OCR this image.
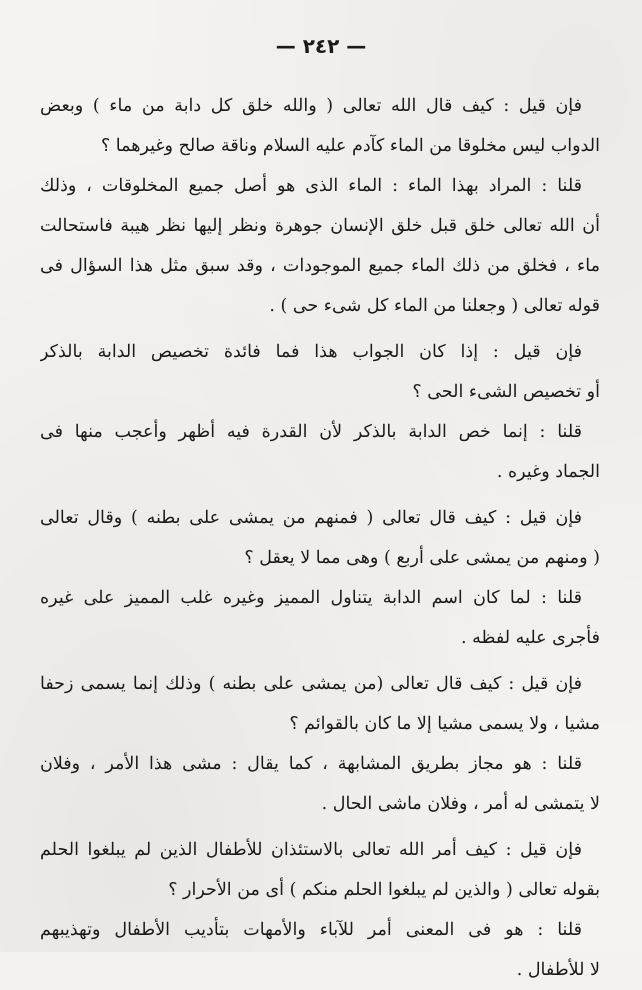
— ٢٤٢ —
فإن قيل : كيف قال الله تعالى ( والله خلق كل دابة من ماء ) وبعض
الدواب ليس مخلوقا من الماء كآدم عليه السلام وناقة صالح وغيرهما ؟
قلنا : المراد بهذا الماء : الماء الذى هو أصل جميع المخلوقات ، وذلك
أن الله تعالى خلق قبل خلق الإنسان جوهرة ونظر إليها نظر هيبة فاستحالت
ماء ، فخلق من ذلك الماء جميع الموجودات ، وقد سبق مثل هذا السؤال فى
قوله تعالى ( وجعلنا من الماء كل شىء حى ) .
فإن قيل : إذا كان الجواب هذا فما فائدة تخصيص الدابة بالذكر
أو تخصيص الشىء الحى ؟
قلنا : إنما خص الدابة بالذكر لأن القدرة فيه أظهر وأعجب منها فى
الجماد وغيره .
فإن قيل : كيف قال تعالى ( فمنهم من يمشى على بطنه ) وقال تعالى
( ومنهم من يمشى على أربع ) وهى مما لا يعقل ؟
قلنا : لما كان اسم الدابة يتناول المميز وغيره غلب المميز على غيره
فأجرى عليه لفظه .
فإن قيل : كيف قال تعالى (من يمشى على بطنه ) وذلك إنما يسمى زحفا
مشيا ، ولا يسمى مشيا إلا ما كان بالقوائم ؟
قلنا : هو مجاز بطريق المشابهة ، كما يقال : مشى هذا الأمر ، وفلان
لا يتمشى له أمر ، وفلان ماشى الحال .
فإن قيل : كيف أمر الله تعالى بالاستئذان للأطفال الذين لم يبلغوا الحلم
بقوله تعالى ( والذين لم يبلغوا الحلم منكم ) أى من الأحرار ؟
قلنا : هو فى المعنى أمر للآباء والأمهات بتأديب الأطفال وتهذيبهم
لا للأطفال .
